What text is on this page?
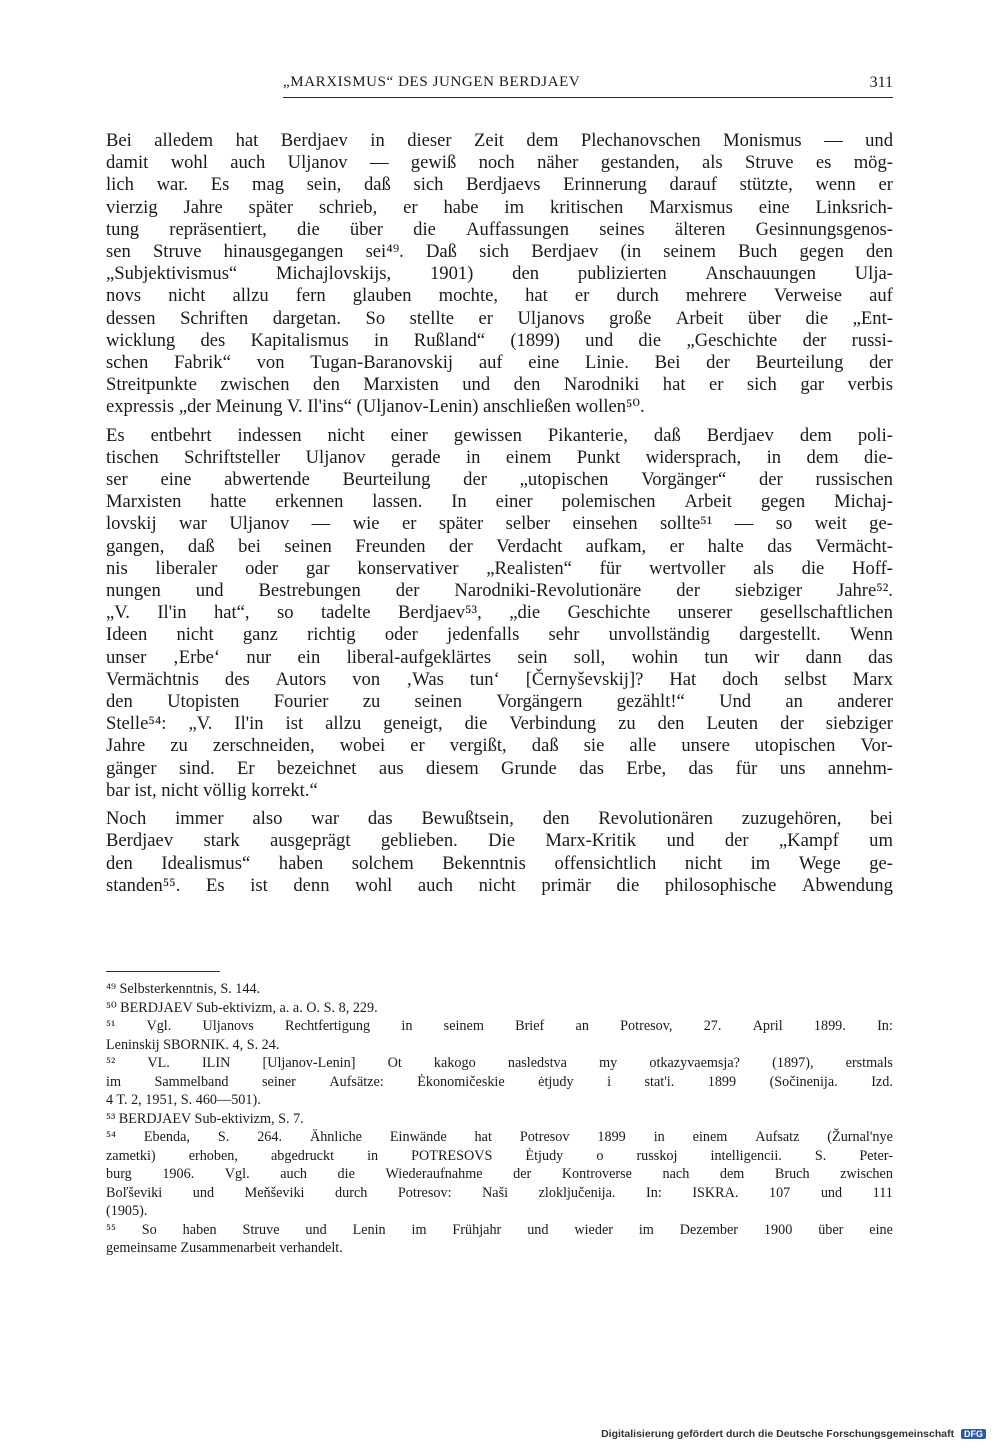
„MARXISMUS“ DES JUNGEN BERDJAEV	311
Bei alledem hat Berdjaev in dieser Zeit dem Plechanovschen Monismus — und
damit wohl auch Uljanov — gewiß noch näher gestanden, als Struve es mög-
lich war. Es mag sein, daß sich Berdjaevs Erinnerung darauf stützte, wenn er
vierzig Jahre später schrieb, er habe im kritischen Marxismus eine Linksrich-
tung repräsentiert, die über die Auffassungen seines älteren Gesinnungsgenos-
sen Struve hinausgegangen sei⁴⁹. Daß sich Berdjaev (in seinem Buch gegen den
„Subjektivismus“ Michajlovskijs, 1901) den publizierten Anschauungen Ulja-
novs nicht allzu fern glauben mochte, hat er durch mehrere Verweise auf
dessen Schriften dargetan. So stellte er Uljanovs große Arbeit über die „Ent-
wicklung des Kapitalismus in Rußland“ (1899) und die „Geschichte der russi-
schen Fabrik“ von Tugan-Baranovskij auf eine Linie. Bei der Beurteilung der
Streitpunkte zwischen den Marxisten und den Narodniki hat er sich gar verbis
expressis „der Meinung V. Il'ins“ (Uljanov-Lenin) anschließen wollen⁵⁰.
Es entbehrt indessen nicht einer gewissen Pikanterie, daß Berdjaev dem poli-
tischen Schriftsteller Uljanov gerade in einem Punkt widersprach, in dem die-
ser eine abwertende Beurteilung der „utopischen Vorgänger“ der russischen
Marxisten hatte erkennen lassen. In einer polemischen Arbeit gegen Michaj-
lovskij war Uljanov — wie er später selber einsehen sollte⁵¹ — so weit ge-
gangen, daß bei seinen Freunden der Verdacht aufkam, er halte das Vermächt-
nis liberaler oder gar konservativer „Realisten“ für wertvoller als die Hoff-
nungen und Bestrebungen der Narodniki-Revolutionäre der siebziger Jahre⁵².
„V. Il'in hat“, so tadelte Berdjaev⁵³, „die Geschichte unserer gesellschaftlichen
Ideen nicht ganz richtig oder jedenfalls sehr unvollständig dargestellt. Wenn
unser ‚Erbe‘ nur ein liberal-aufgeklärtes sein soll, wohin tun wir dann das
Vermächtnis des Autors von ‚Was tun‘ [Černyševskij]? Hat doch selbst Marx
den Utopisten Fourier zu seinen Vorgängern gezählt!“ Und an anderer
Stelle⁵⁴: „V. Il'in ist allzu geneigt, die Verbindung zu den Leuten der siebziger
Jahre zu zerschneiden, wobei er vergißt, daß sie alle unsere utopischen Vor-
gänger sind. Er bezeichnet aus diesem Grunde das Erbe, das für uns annehm-
bar ist, nicht völlig korrekt.“
Noch immer also war das Bewußtsein, den Revolutionären zuzugehören, bei
Berdjaev stark ausgeprägt geblieben. Die Marx-Kritik und der „Kampf um
den Idealismus“ haben solchem Bekenntnis offensichtlich nicht im Wege ge-
standen⁵⁵. Es ist denn wohl auch nicht primär die philosophische Abwendung
⁴⁹ Selbsterkenntnis, S. 144.
⁵⁰ BERDJAEV Sub-ektivizm, a. a. O. S. 8, 229.
⁵¹ Vgl. Uljanovs Rechtfertigung in seinem Brief an Potresov, 27. April 1899. In:
Leninskij SBORNIK. 4, S. 24.
⁵² VL. ILIN [Uljanov-Lenin] Ot kakogo nasledstva my otkazyvaemsja? (1897), erstmals
im Sammelband seiner Aufsätze: Ėkonomičeskie ėtjudy i stat'i. 1899 (Sočinenija. Izd.
4 T. 2, 1951, S. 460—501).
⁵³ BERDJAEV Sub-ektivizm, S. 7.
⁵⁴ Ebenda, S. 264. Ähnliche Einwände hat Potresov 1899 in einem Aufsatz (Žurnal'nye
zametki) erhoben, abgedruckt in POTRESOVS Ėtjudy o russkoj intelligencii. S. Peter-
burg 1906. Vgl. auch die Wiederaufnahme der Kontroverse nach dem Bruch zwischen
Boľševiki und Meňševiki durch Potresov: Naši zloključenija. In: ISKRA. 107 und 111
(1905).
⁵⁵ So haben Struve und Lenin im Frühjahr und wieder im Dezember 1900 über eine
gemeinsame Zusammenarbeit verhandelt.
Digitalisierung gefördert durch die Deutsche Forschungsgemeinschaft DFG
